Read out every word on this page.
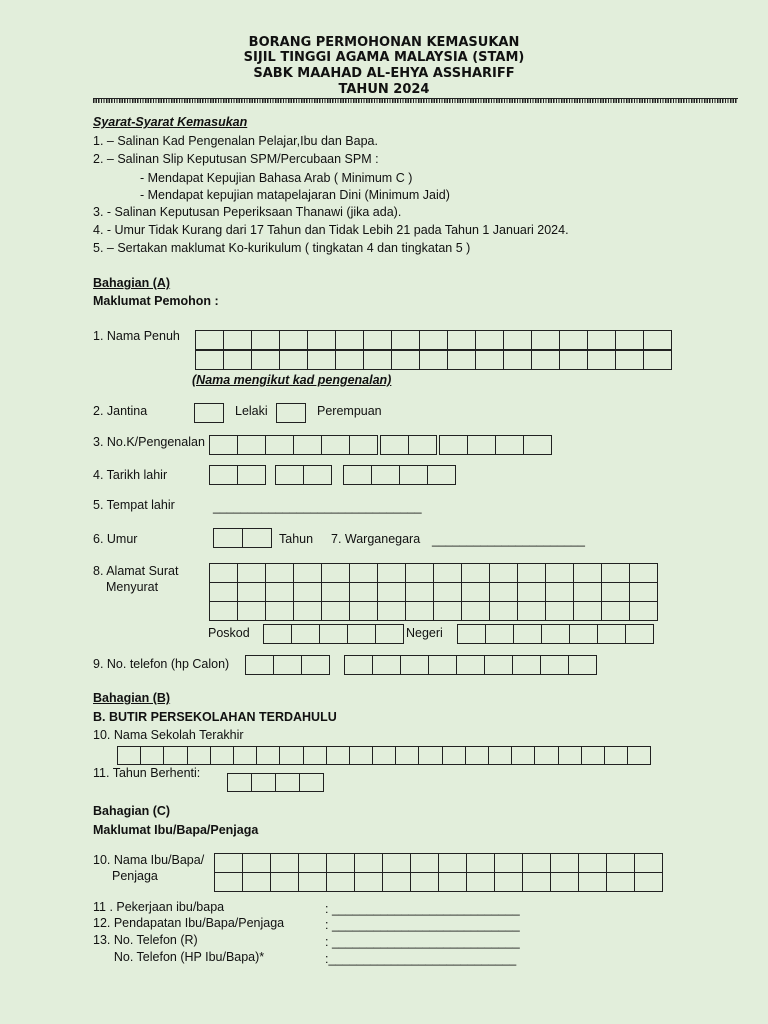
BORANG PERMOHONAN KEMASUKAN
SIJIL TINGGI AGAMA MALAYSIA (STAM)
SABK MAAHAD AL-EHYA ASSHARIFF
TAHUN 2024
Syarat-Syarat Kemasukan
1. – Salinan Kad Pengenalan Pelajar,Ibu dan Bapa.
2. – Salinan Slip Keputusan SPM/Percubaan SPM :
- Mendapat Kepujian Bahasa Arab ( Minimum C )
- Mendapat kepujian matapelajaran Dini (Minimum Jaid)
3. - Salinan Keputusan Peperiksaan Thanawi (jika ada).
4. - Umur Tidak Kurang dari 17 Tahun dan Tidak Lebih 21 pada Tahun 1 Januari 2024.
5. – Sertakan maklumat Ko-kurikulum ( tingkatan 4 dan tingkatan 5 )
Bahagian (A)
Maklumat Pemohon :
1. Nama Penuh
(Nama mengikut kad pengenalan)
2. Jantina	Lelaki	Perempuan
3. No.K/Pengenalan
4. Tarikh lahir
5. Tempat lahir	______________________________
6. Umur	Tahun 7. Warganegara ______________________
8. Alamat Surat
Menyurat
Poskod	Negeri
9. No. telefon (hp Calon)
Bahagian (B)
B. BUTIR PERSEKOLAHAN TERDAHULU
10. Nama Sekolah Terakhir
11. Tahun Berhenti:
Bahagian (C)
Maklumat Ibu/Bapa/Penjaga
10. Nama Ibu/Bapa/
Penjaga
11 . Pekerjaan ibu/bapa	: ___________________________
12. Pendapatan Ibu/Bapa/Penjaga	: ___________________________
13. No. Telefon (R)	: ___________________________
No. Telefon (HP Ibu/Bapa)*	:___________________________
